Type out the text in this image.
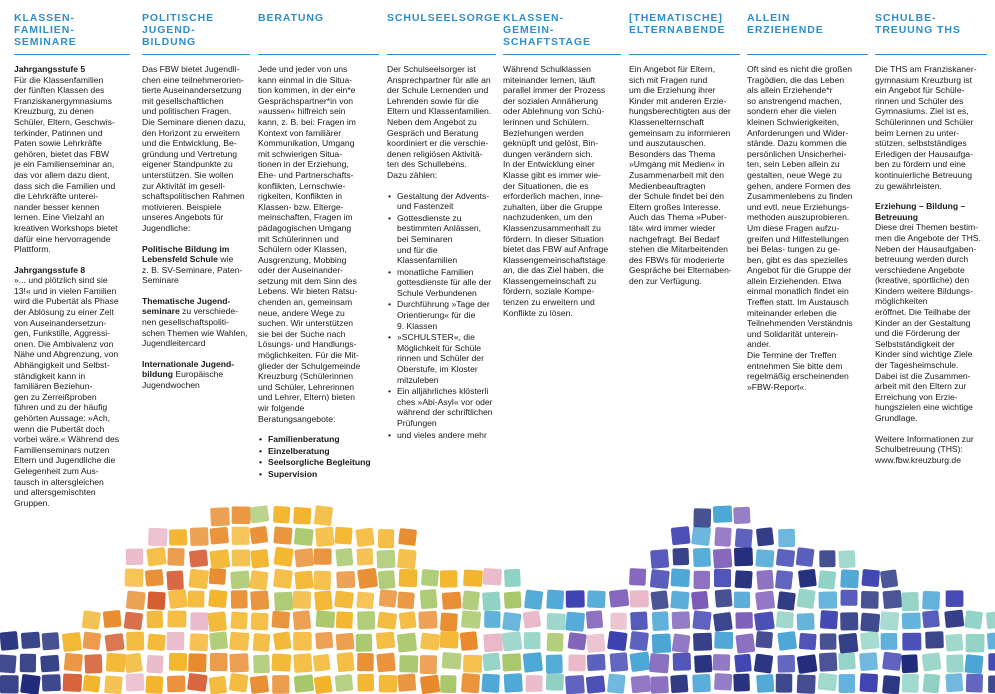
KLASSEN-
FAMILIEN-
SEMINARE

Jahrgangsstufe 5

Für die Klassenfamilien
der fünften Klassen des
Franziskanergymnasiums
Kreuzburg, zu denen
Schüler, Eltern, Geschwis-
terkinder, Patinnen und
Paten sowie Lehrkräfte
gehören, bietet das FBW
je ein Familienseminar an,
das vor allem dazu dient,
dass sich die Familien und
die Lehrkräfte unterei-
nander besser kennen
lernen. Eine Vielzahl an
kreativen Workshops bietet
dafür eine hervorragende
Plattform.

Jahrgangsstufe 8

»... und plötzlich sind sie
13!« und in vielen Familien
wird die Pubertät als Phase
der Ablösung zu einer Zeit
von Auseinandersetzun-
gen, Funkstille, Aggressi-
onen. Die Ambivalenz von
Nähe und Abgrenzung, von
Abhängigkeit und Selbst-
ständigkeit kann in
familiären Beziehun-
gen zu Zerreißproben
führen und zu der häufig
gehörten Aussage: »Ach,
wenn die Pubertät doch
vorbei wäre.« Während des
Familienseminars nutzen
Eltern und Jugendliche die
Gelegenheit zum Aus-
tausch in altersgleichen
und altersgemischten
Gruppen.

POLITISCHE
JUGEND-
BILDUNG

Das FBW bietet Jugendli-
chen eine teilnehmerorien-
tierte Auseinandersetzung
mit gesellschaftlichen
und politischen Fragen.
Die Seminare dienen dazu,
den Horizont zu erweitern
und die Entwicklung, Be-
gründung und Vertretung
eigener Standpunkte zu
unterstützen. Sie wollen
zur Aktivität im gesell-
schaftspolitischen Rahmen
motivieren. Beispiele
unseres Angebots für
Jugendliche:

Politische Bildung im
Lebensfeld Schule wie
z. B. SV-Seminare, Paten-
Seminare

Thematische Jugend-
seminare zu verschiede-
nen gesellschaftspoliti-
schen Themen wie Wahlen,
Jugendleitercard

Internationale Jugend-
bildung Europäische
Jugendwochen

BERATUNG

Jede und jeder von uns
kann einmal in die Situa-
tion kommen, in der ein*e
Gesprächspartner*in von
»aussen« hilfreich sein
kann, z. B. bei: Fragen im
Kontext von familiärer
Kommunikation, Umgang
mit schwierigen Situa-
tionen in der Erziehung,
Ehe- und Partnerschafts-
konflikten, Lernschwie-
rigkeiten, Konflikten in
Klassen- bzw. Elterge-
meinschaften, Fragen im
pädagogischen Umgang
mit Schülerinnen und
Schülern oder Klassen,
Ausgrenzung, Mobbing
oder der Auseinander-
setzung mit dem Sinn des
Lebens. Wir bieten Ratsu-
chenden an, gemeinsam
neue, andere Wege zu
suchen. Wir unterstützen
sie bei der Suche nach
Lösungs- und Handlungs-
möglichkeiten. Für die Mit-
glieder der Schulgemeinde
Kreuzburg (Schülerinnen
und Schüler, Lehrerinnen
und Lehrer, Eltern) bieten
wir folgende
Beratungsangebote:

• Familienberatung
• Einzelberatung
• Seelsorgliche Begleitung
• Supervision
SCHULSEELSORGE

Der Schulseelsorger ist
Ansprechpartner für alle an
der Schule Lernenden und
Lehrenden sowie für die
Eltern und Klassenfamilien.
Neben dem Angebot zu
Gespräch und Beratung
koordiniert er die verschie-
denen religiösen Aktivitä-
ten des Schullebens.
Dazu zählen:

• Gestaltung der Advents-
und Fastenzeit
• Gottesdienste zu
bestimmten Anlässen,
bei Seminaren
und für die
Klassenfamilien
• monatliche Familien
gottesdienste für alle der
Schule Verbundenen
• Durchführung »Tage der
Orientierung« für die
9. Klassen
• »SCHULSTER«, die
Möglichkeit für Schüle
rinnen und Schüler der
Oberstufe, im Kloster
mitzuleben
• Ein alljährliches klösterli
ches »Abi-Asyl« vor oder
während der schriftlichen
Prüfungen
• und vieles andere mehr
KLASSEN-
GEMEIN-
SCHAFTSTAGE

Während Schulklassen
miteinander lernen, läuft
parallel immer der Prozess
der sozialen Annäherung
oder Ablehnung von Schü-
lerinnen und Schülern.
Beziehungen werden
geknüpft und gelöst, Bin-
dungen verändern sich.
In der Entwicklung einer
Klasse gibt es immer wie-
der Situationen, die es
erforderlich machen, inne-
zuhalten, über die Gruppe
nachzudenken, um den
Klassenzusammenhalt zu
fördern. In dieser Situation
bietet das FBW auf Anfrage
Klassengemeinschaftstage
an, die das Ziel haben, die
Klassengemeinschaft zu
fördern, soziale Kompe-
tenzen zu erweitern und
Konflikte zu lösen.

[THEMATISCHE]
ELTERNABENDE

Ein Angebot für Eltern,
sich mit Fragen rund
um die Erziehung ihrer
Kinder mit anderen Erzie-
hungsberechtigten aus der
Klassenelternschaft
gemeinsam zu informieren
und auszutauschen.
Besonders das Thema
»Umgang mit Medien« in
Zusammenarbeit mit den
Medienbeauftragten
der Schule findet bei den
Eltern großes Interesse.
Auch das Thema »Puber-
tät« wird immer wieder
nachgefragt. Bei Bedarf
stehen die Mitarbeitenden
des FBWs für moderierte
Gespräche bei Elternaben-
den zur Verfügung.

ALLEIN
ERZIEHENDE

Oft sind es nicht die großen
Tragödien, die das Leben
als allein Erziehende*r
so anstrengend machen,
sondern eher die vielen
kleinen Schwierigkeiten,
Anforderungen und Wider-
stände. Dazu kommen die
persönlichen Unsicherhei-
ten, sein Leben allein zu
gestalten, neue Wege zu
gehen, andere Formen des
Zusammenlebens zu finden
und evtl. neue Erziehungs-
methoden auszuprobieren.
Um diese Fragen aufzu-
greifen und Hilfestellungen
bei Belas- tungen zu ge-
ben, gibt es das spezielles
Angebot für die Gruppe der
allein Erziehenden. Etwa
einmal monatlich findet ein
Treffen statt. Im Austausch
miteinander erleben die
Teilnehmenden Verständnis
und Solidarität unterein-
ander.
Die Termine der Treffen
entnehmen Sie bitte dem
regelmäßig erscheinenden
»FBW-Report«.

SCHULBE-
TREUUNG THS

Die THS am Franziskaner-
gymnasium Kreuzburg ist
ein Angebot für Schüle-
rinnen und Schüler des
Gymnasiums. Ziel ist es,
Schülerinnen und Schüler
beim Lernen zu unter-
stützen, selbstständiges
Erledigen der Hausaufga-
ben zu fördern und eine
kontinuierliche Betreuung
zu gewährleisten.

Erziehung – Bildung –
Betreuung
Diese drei Themen bestim-
men die Angebote der THS.
Neben der Hausaufgaben-
betreuung werden durch
verschiedene Angebote
(kreative, sportliche) den
Kindern weitere Bildungs-
möglichkeiten
eröffnet. Die Teilhabe der
Kinder an der Gestaltung
und die Förderung der
Selbstständigkeit der
Kinder sind wichtige Ziele
der Tagesheimschule.
Dabei ist die Zusammen-
arbeit mit den Eltern zur
Erreichung von Erzie-
hungszielen eine wichtige
Grundlage.

Weitere Informationen zur
Schulbetreuung (THS):
www.fbw.kreuzburg.de
